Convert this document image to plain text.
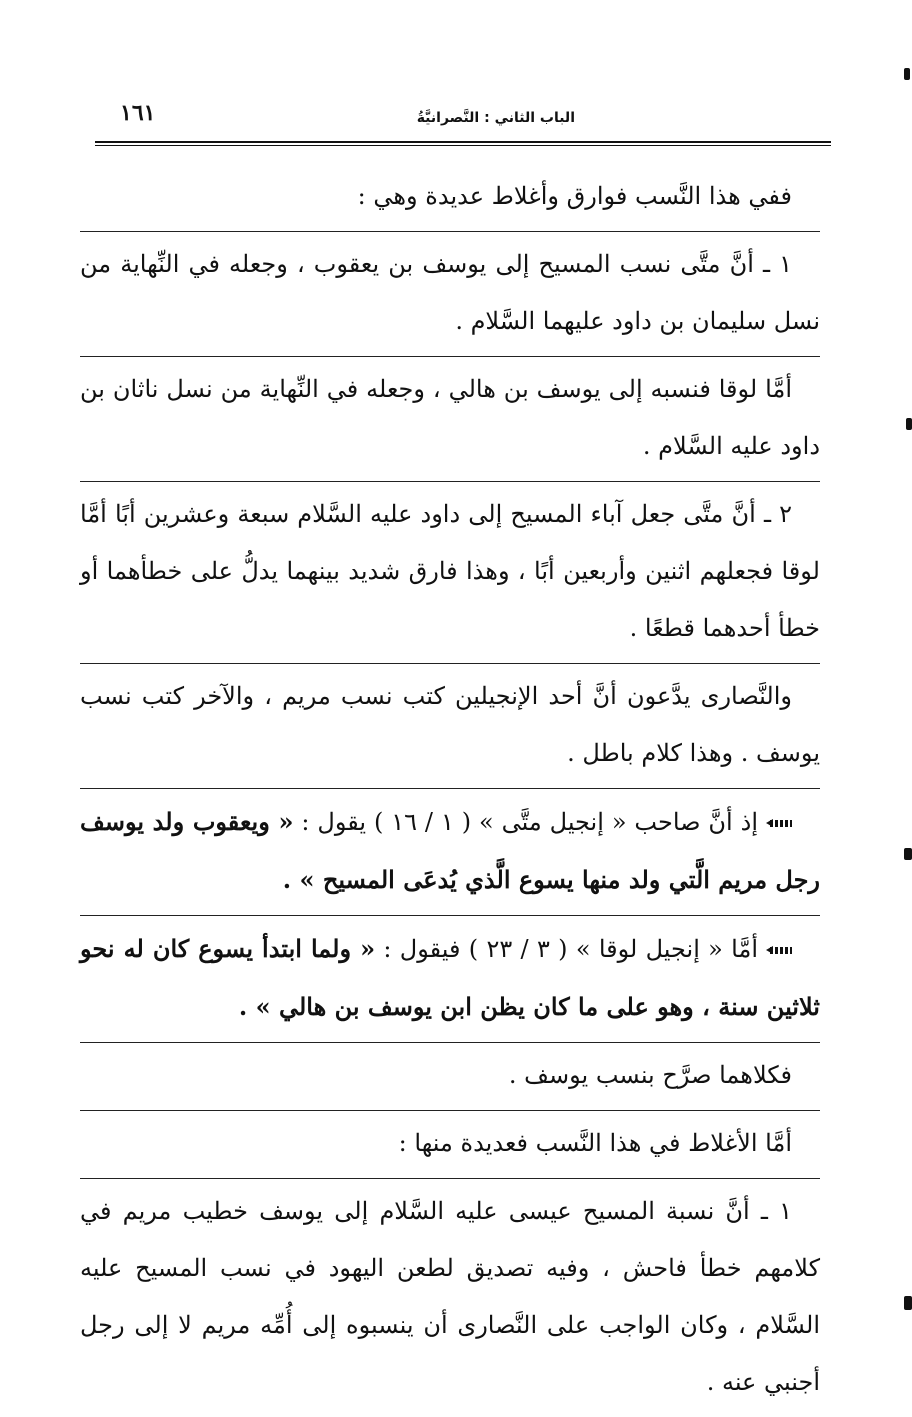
الباب الثاني : النَّصرانيَّةُ
١٦١

ففي هذا النَّسب فوارق وأغلاط عديدة وهي :

١ ـ أنَّ متَّى نسب المسيح إلى يوسف بن يعقوب ، وجعله في النِّهاية من نسل سليمان بن داود عليهما السَّلام .

أمَّا لوقا فنسبه إلى يوسف بن هالي ، وجعله في النِّهاية من نسل ناثان بن داود عليه السَّلام .

٢ ـ أنَّ متَّى جعل آباء المسيح إلى داود عليه السَّلام سبعة وعشرين أبًا أمَّا لوقا فجعلهم اثنين وأربعين أبًا ، وهذا فارق شديد بينهما يدلُّ على خطأهما أو خطأ أحدهما قطعًا .

والنَّصارى يدَّعون أنَّ أحد الإنجيلين كتب نسب مريم ، والآخر كتب نسب يوسف . وهذا كلام باطل .

إذ أنَّ صاحب « إنجيل متَّى » ( ١ / ١٦ ) يقول : « ويعقوب ولد يوسف رجل مريم الَّتي ولد منها يسوع الَّذي يُدعَى المسيح » .

أمَّا « إنجيل لوقا » ( ٣ / ٢٣ ) فيقول : « ولما ابتدأ يسوع كان له نحو ثلاثين سنة ، وهو على ما كان يظن ابن يوسف بن هالي » .

فكلاهما صرَّح بنسب يوسف .

أمَّا الأغلاط في هذا النَّسب فعديدة منها :

١ ـ أنَّ نسبة المسيح عيسى عليه السَّلام إلى يوسف خطيب مريم في كلامهم خطأ فاحش ، وفيه تصديق لطعن اليهود في نسب المسيح عليه السَّلام ، وكان الواجب على النَّصارى أن ينسبوه إلى أُمِّه مريم لا إلى رجل أجنبي عنه .
